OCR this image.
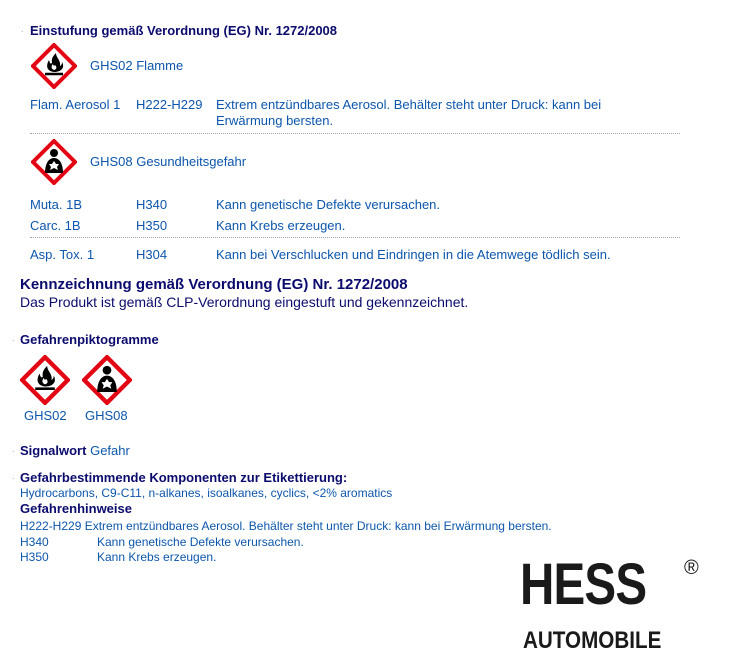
. Einstufung gemäß Verordnung (EG) Nr. 1272/2008
GHS02 Flamme
Flam. Aerosol 1 H222-H229 Extrem entzündbares Aerosol. Behälter steht unter Druck: kann bei
Erwärmung bersten.
GHS08 Gesundheitsgefahr
Muta. 1B	H340	Kann genetische Defekte verursachen.
Carc. 1B	H350	Kann Krebs erzeugen.
Asp. Tox. 1	H304	Kann bei Verschlucken und Eindringen in die Atemwege tödlich sein.
Kennzeichnung gemäß Verordnung (EG) Nr. 1272/2008
Das Produkt ist gemäß CLP-Verordnung eingestuft und gekennzeichnet.
. Gefahrenpiktogramme
GHS02 GHS08
. Signalwort Gefahr
. Gefahrbestimmende Komponenten zur Etikettierung:
Hydrocarbons, C9-C11, n-alkanes, isoalkanes, cyclics, <2% aromatics
Gefahrenhinweise
H222-H229 Extrem entzündbares Aerosol. Behälter steht unter Druck: kann bei Erwärmung bersten.
H340	Kann genetische Defekte verursachen.
H350	Kann Krebs erzeugen.	HESS ®
AUTOMOBILE
